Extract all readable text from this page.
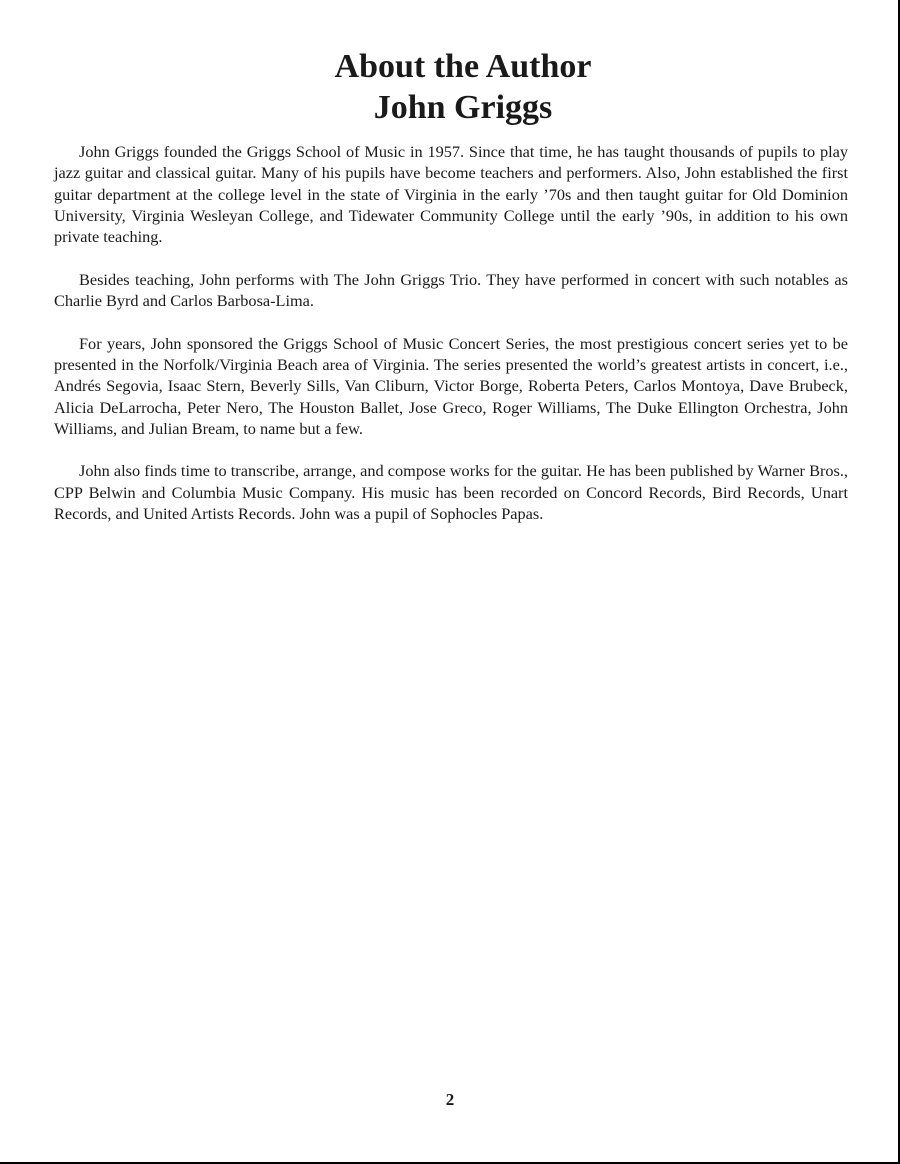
About the Author
John Griggs

John Griggs founded the Griggs School of Music in 1957. Since that time, he has taught thousands of pupils to play jazz guitar and classical guitar. Many of his pupils have become teachers and performers. Also, John established the first guitar department at the college level in the state of Virginia in the early ’70s and then taught guitar for Old Dominion University, Virginia Wesleyan College, and Tidewater Community College until the early ’90s, in addition to his own private teaching.

Besides teaching, John performs with The John Griggs Trio. They have performed in concert with such notables as Charlie Byrd and Carlos Barbosa-Lima.

For years, John sponsored the Griggs School of Music Concert Series, the most prestigious concert series yet to be presented in the Norfolk/Virginia Beach area of Virginia. The series presented the world’s greatest artists in concert, i.e., Andrés Segovia, Isaac Stern, Beverly Sills, Van Cliburn, Victor Borge, Roberta Peters, Carlos Montoya, Dave Brubeck, Alicia DeLarrocha, Peter Nero, The Houston Ballet, Jose Greco, Roger Williams, The Duke Ellington Orchestra, John Williams, and Julian Bream, to name but a few.

John also finds time to transcribe, arrange, and compose works for the guitar. He has been published by Warner Bros., CPP Belwin and Columbia Music Company. His music has been recorded on Concord Records, Bird Records, Unart Records, and United Artists Records. John was a pupil of Sophocles Papas.

2
